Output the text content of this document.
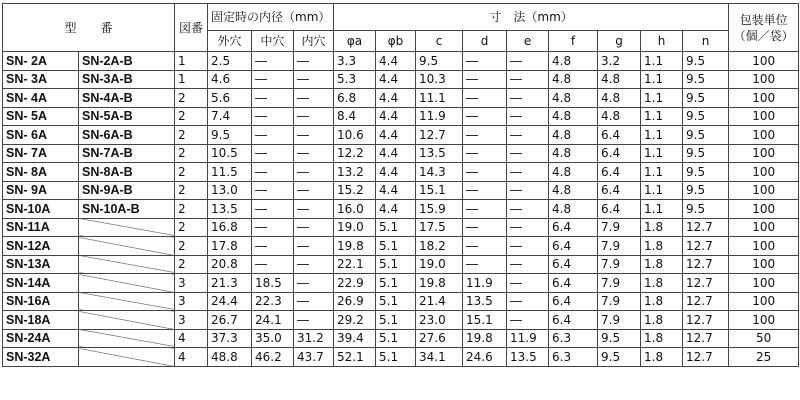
型　　番		図番	固定時の内径（mm）			寸　法（mm）									包装単位
（個／袋）

			外穴	中穴	内穴	φa	φb	c	d	e	f	g	h	n	
SN- 2A	SN-2A-B	1	2.5	―	―	3.3	4.4	9.5	―	―	4.8	3.2	1.1	9.5	100
SN- 3A	SN-3A-B	1	4.6	―	―	5.3	4.4	10.3	―	―	4.8	4.8	1.1	9.5	100
SN- 4A	SN-4A-B	2	5.6	―	―	6.8	4.4	11.1	―	―	4.8	4.8	1.1	9.5	100
SN- 5A	SN-5A-B	2	7.4	―	―	8.4	4.4	11.9	―	―	4.8	4.8	1.1	9.5	100
SN- 6A	SN-6A-B	2	9.5	―	―	10.6	4.4	12.7	―	―	4.8	6.4	1.1	9.5	100
SN- 7A	SN-7A-B	2	10.5	―	―	12.2	4.4	13.5	―	―	4.8	6.4	1.1	9.5	100
SN- 8A	SN-8A-B	2	11.5	―	―	13.2	4.4	14.3	―	―	4.8	6.4	1.1	9.5	100
SN- 9A	SN-9A-B	2	13.0	―	―	15.2	4.4	15.1	―	―	4.8	6.4	1.1	9.5	100
SN-10A	SN-10A-B	2	13.5	―	―	16.0	4.4	15.9	―	―	4.8	6.4	1.1	9.5	100
SN-11A		2	16.8	―	―	19.0	5.1	17.5	―	―	6.4	7.9	1.8	12.7	100
SN-12A		2	17.8	―	―	19.8	5.1	18.2	―	―	6.4	7.9	1.8	12.7	100
SN-13A		2	20.8	―	―	22.1	5.1	19.0	―	―	6.4	7.9	1.8	12.7	100
SN-14A		3	21.3	18.5	―	22.9	5.1	19.8	11.9	―	6.4	7.9	1.8	12.7	100
SN-16A		3	24.4	22.3	―	26.9	5.1	21.4	13.5	―	6.4	7.9	1.8	12.7	100
SN-18A		3	26.7	24.1	―	29.2	5.1	23.0	15.1	―	6.4	7.9	1.8	12.7	100
SN-24A		4	37.3	35.0	31.2	39.4	5.1	27.6	19.8	11.9	6.3	9.5	1.8	12.7	50
SN-32A		4	48.8	46.2	43.7	52.1	5.1	34.1	24.6	13.5	6.3	9.5	1.8	12.7	25
